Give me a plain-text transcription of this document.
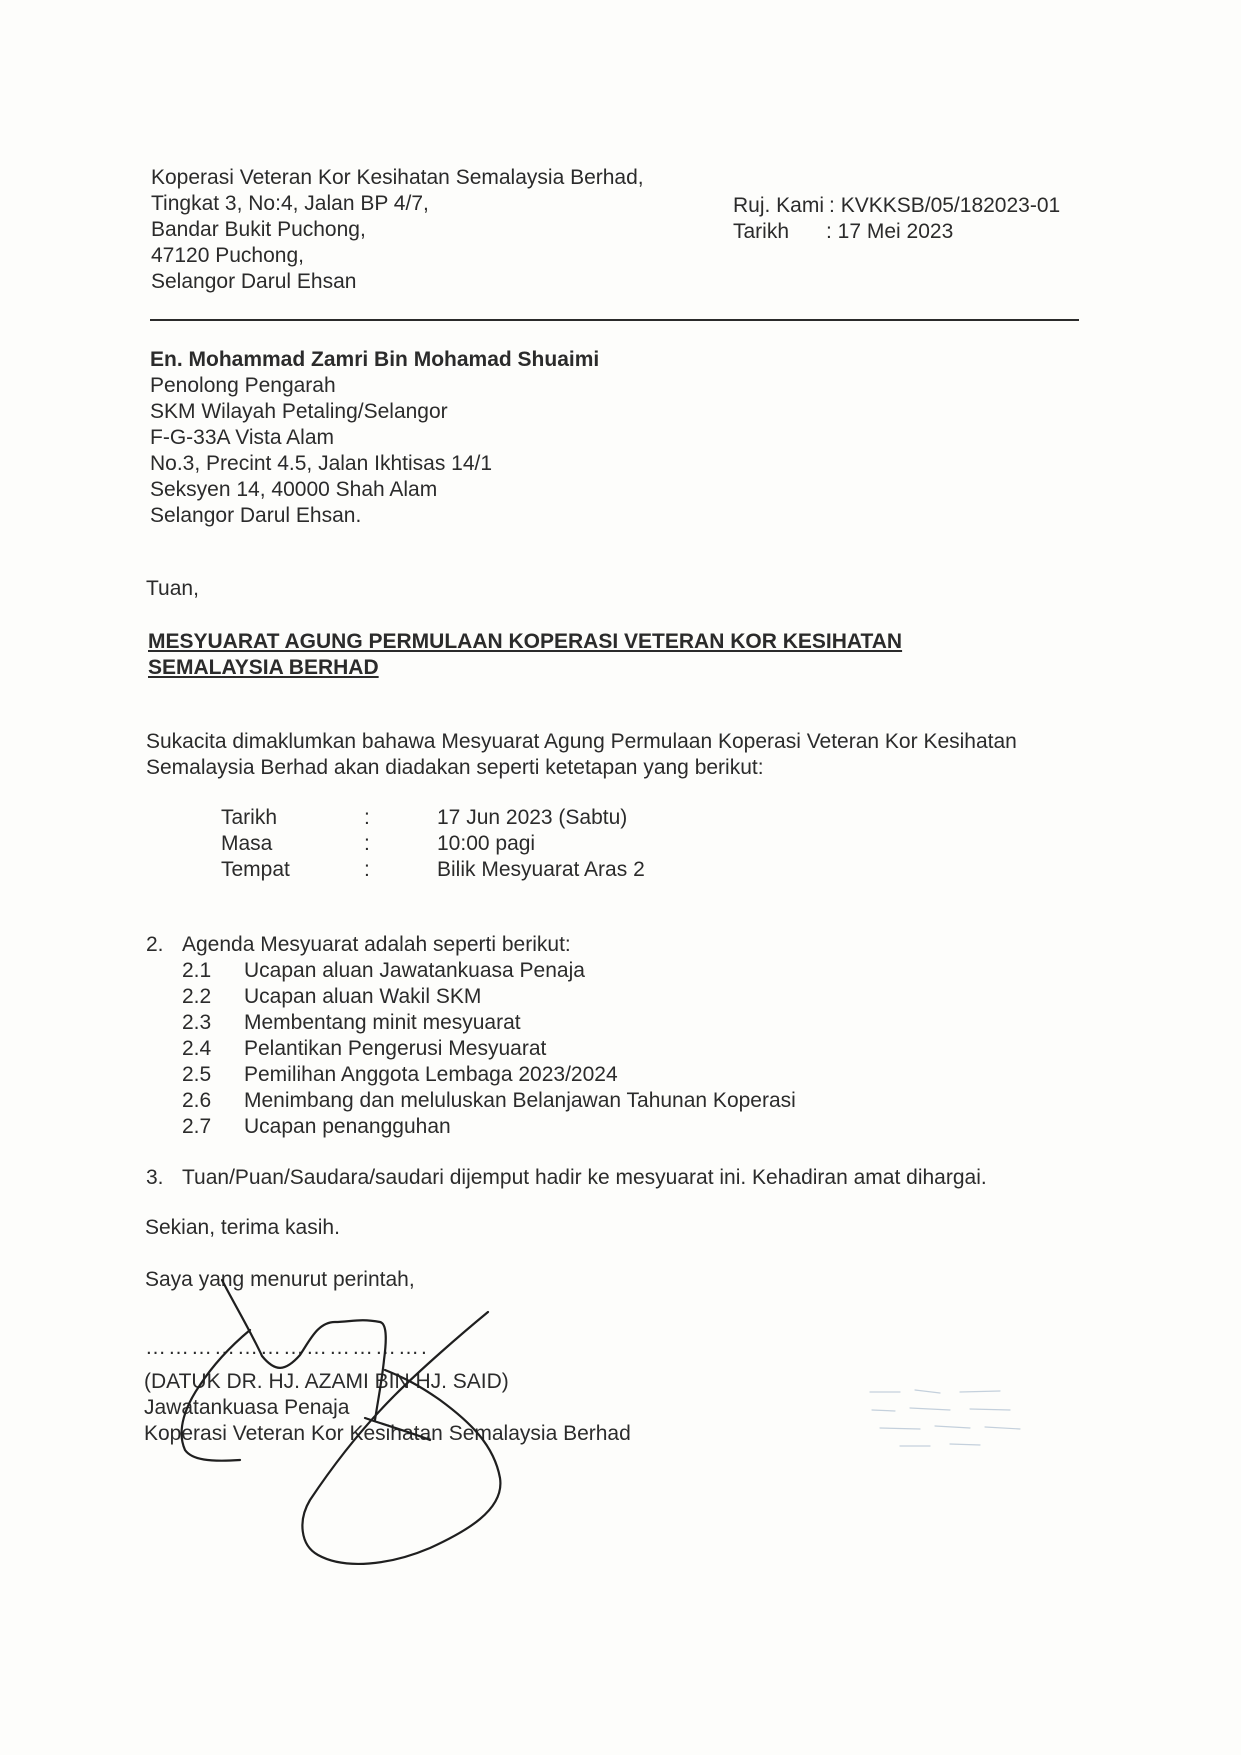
Koperasi Veteran Kor Kesihatan Semalaysia Berhad,
Tingkat 3, No:4, Jalan BP 4/7,
Bandar Bukit Puchong,
47120 Puchong,
Selangor Darul Ehsan
Ruj. Kami : KVKKSB/05/182023-01
Tarikh	: 17 Mei 2023
En. Mohammad Zamri Bin Mohamad Shuaimi
Penolong Pengarah
SKM Wilayah Petaling/Selangor
F-G-33A Vista Alam
No.3, Precint 4.5, Jalan Ikhtisas 14/1
Seksyen 14, 40000 Shah Alam
Selangor Darul Ehsan.
Tuan,
MESYUARAT AGUNG PERMULAAN KOPERASI VETERAN KOR KESIHATAN
SEMALAYSIA BERHAD
Sukacita dimaklumkan bahawa Mesyuarat Agung Permulaan Koperasi Veteran Kor Kesihatan
Semalaysia Berhad akan diadakan seperti ketetapan yang berikut:
Tarikh	:	17 Jun 2023 (Sabtu)
Masa	:	10:00 pagi
Tempat	:	Bilik Mesyuarat Aras 2
2. Agenda Mesyuarat adalah seperti berikut:
2.1	Ucapan aluan Jawatankuasa Penaja
2.2	Ucapan aluan Wakil SKM
2.3	Membentang minit mesyuarat
2.4	Pelantikan Pengerusi Mesyuarat
2.5	Pemilihan Anggota Lembaga 2023/2024
2.6	Menimbang dan meluluskan Belanjawan Tahunan Koperasi
2.7	Ucapan penangguhan
3. Tuan/Puan/Saudara/saudari dijemput hadir ke mesyuarat ini. Kehadiran amat dihargai.
Sekian, terima kasih.
Saya yang menurut perintah,
……………………………….
(DATUK DR. HJ. AZAMI BIN HJ. SAID)
Jawatankuasa Penaja
Koperasi Veteran Kor Kesihatan Semalaysia Berhad
